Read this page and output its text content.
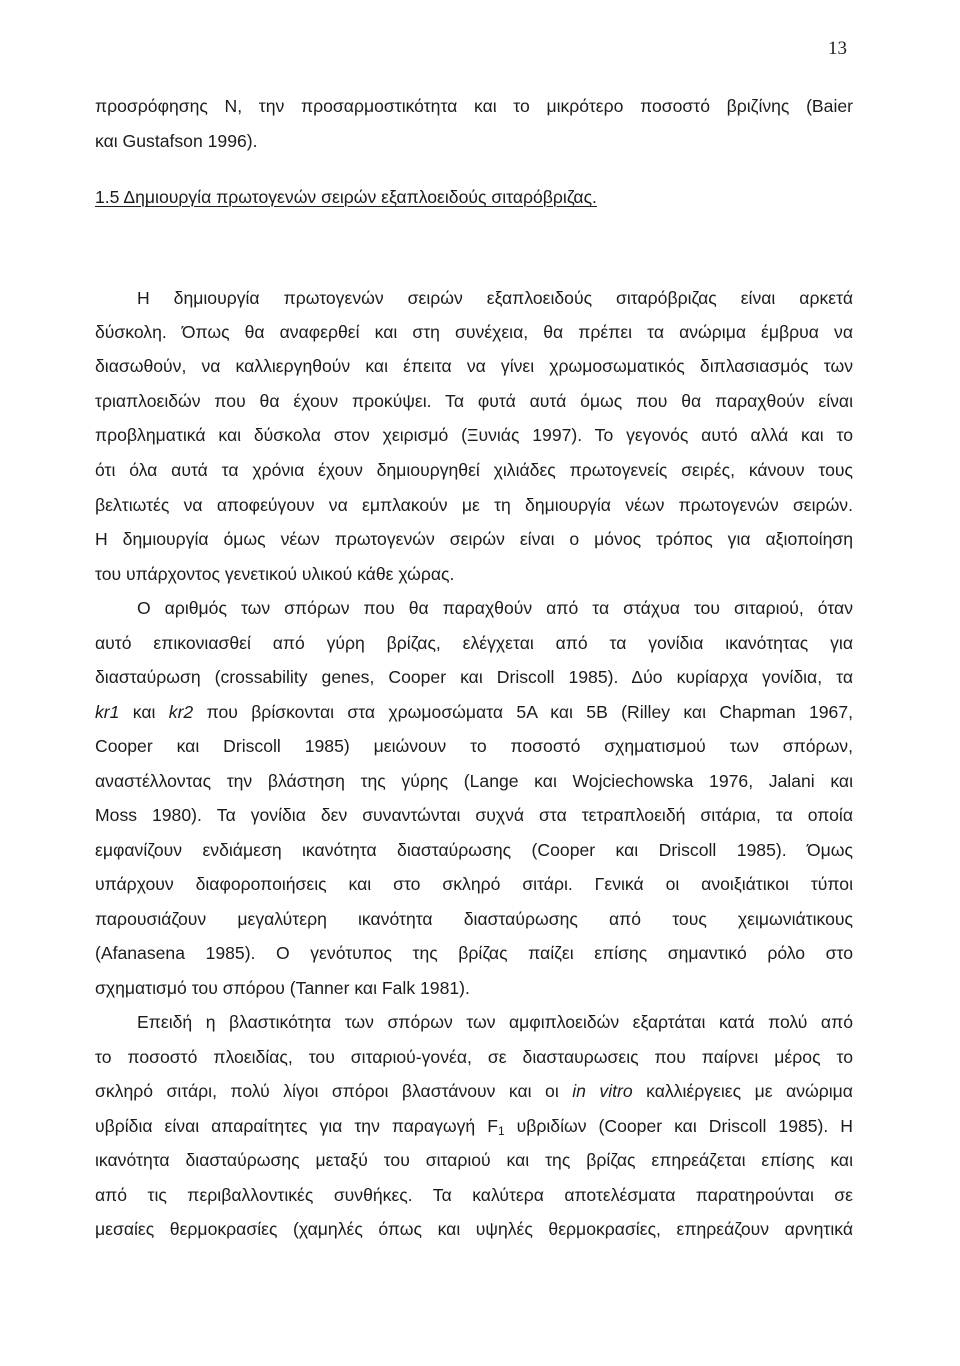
13
προσρόφησης N, την προσαρμοστικότητα και το μικρότερο ποσοστό βριζίνης (Baier
και Gustafson 1996).
1.5 Δημιουργία πρωτογενών σειρών εξαπλοειδούς σιταρόβριζας.
Η δημιουργία πρωτογενών σειρών εξαπλοειδούς σιταρόβριζας είναι αρκετά
δύσκολη. Όπως θα αναφερθεί και στη συνέχεια, θα πρέπει τα ανώριμα έμβρυα να
διασωθούν, να καλλιεργηθούν και έπειτα να γίνει χρωμοσωματικός διπλασιασμός των
τριαπλοειδών που θα έχουν προκύψει. Τα φυτά αυτά όμως που θα παραχθούν είναι
προβληματικά και δύσκολα στον χειρισμό (Ξυνιάς 1997). Το γεγονός αυτό αλλά και το
ότι όλα αυτά τα χρόνια έχουν δημιουργηθεί χιλιάδες πρωτογενείς σειρές, κάνουν τους
βελτιωτές να αποφεύγουν να εμπλακούν με τη δημιουργία νέων πρωτογενών σειρών.
Η δημιουργία όμως νέων πρωτογενών σειρών είναι ο μόνος τρόπος για αξιοποίηση
του υπάρχοντος γενετικού υλικού κάθε χώρας.
Ο αριθμός των σπόρων που θα παραχθούν από τα στάχυα του σιταριού, όταν
αυτό επικονιασθεί από γύρη βρίζας, ελέγχεται από τα γονίδια ικανότητας για
διασταύρωση (crossability genes, Cooper και Driscoll 1985). Δύο κυρίαρχα γονίδια, τα
kr1 και kr2 που βρίσκονται στα χρωμοσώματα 5A και 5B (Rilley και Chapman 1967,
Cooper και Driscoll 1985) μειώνουν το ποσοστό σχηματισμού των σπόρων,
αναστέλλοντας την βλάστηση της γύρης (Lange και Wojciechowska 1976, Jalani και
Moss 1980). Τα γονίδια δεν συναντώνται συχνά στα τετραπλοειδή σιτάρια, τα οποία
εμφανίζουν ενδιάμεση ικανότητα διασταύρωσης (Cooper και Driscoll 1985). Όμως
υπάρχουν διαφοροποιήσεις και στο σκληρό σιτάρι. Γενικά οι ανοιξιάτικοι τύποι
παρουσιάζουν μεγαλύτερη ικανότητα διασταύρωσης από τους χειμωνιάτικους
(Afanasena 1985). Ο γενότυπος της βρίζας παίζει επίσης σημαντικό ρόλο στο
σχηματισμό του σπόρου (Tanner και Falk 1981).
Επειδή η βλαστικότητα των σπόρων των αμφιπλοειδών εξαρτάται κατά πολύ από
το ποσοστό πλοειδίας, του σιταριού-γονέα, σε διασταυρωσεις που παίρνει μέρος το
σκληρό σιτάρι, πολύ λίγοι σπόροι βλαστάνουν και οι in vitro καλλιέργειες με ανώριμα
υβρίδια είναι απαραίτητες για την παραγωγή $F_1$ υβριδίων (Cooper και Driscoll 1985). Η
ικανότητα διασταύρωσης μεταξύ του σιταριού και της βρίζας επηρεάζεται επίσης και
από τις περιβαλλοντικές συνθήκες. Τα καλύτερα αποτελέσματα παρατηρούνται σε
μεσαίες θερμοκρασίες (χαμηλές όπως και υψηλές θερμοκρασίες, επηρεάζουν αρνητικά
